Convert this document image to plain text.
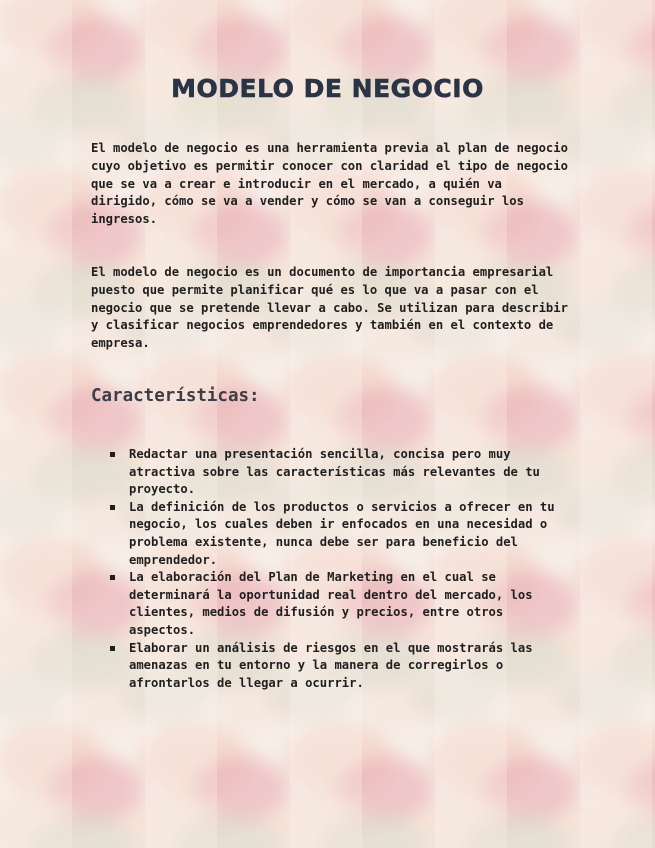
MODELO DE NEGOCIO

El modelo de negocio es una herramienta previa al plan de negocio cuyo objetivo es permitir conocer con claridad el tipo de negocio que se va a crear e introducir en el mercado, a quién va dirigido, cómo se va a vender y cómo se van a conseguir los ingresos.

El modelo de negocio es un documento de importancia empresarial puesto que permite planificar qué es lo que va a pasar con el negocio que se pretende llevar a cabo. Se utilizan para describir y clasificar negocios emprendedores y también en el contexto de empresa.

Características:
Redactar una presentación sencilla, concisa pero muy atractiva sobre las características más relevantes de tu proyecto.
La definición de los productos o servicios a ofrecer en tu negocio, los cuales deben ir enfocados en una necesidad o problema existente, nunca debe ser para beneficio del emprendedor.
La elaboración del Plan de Marketing en el cual se determinará la oportunidad real dentro del mercado, los clientes, medios de difusión y precios, entre otros aspectos.
Elaborar un análisis de riesgos en el que mostrarás las amenazas en tu entorno y la manera de corregirlos o afrontarlos de llegar a ocurrir.
